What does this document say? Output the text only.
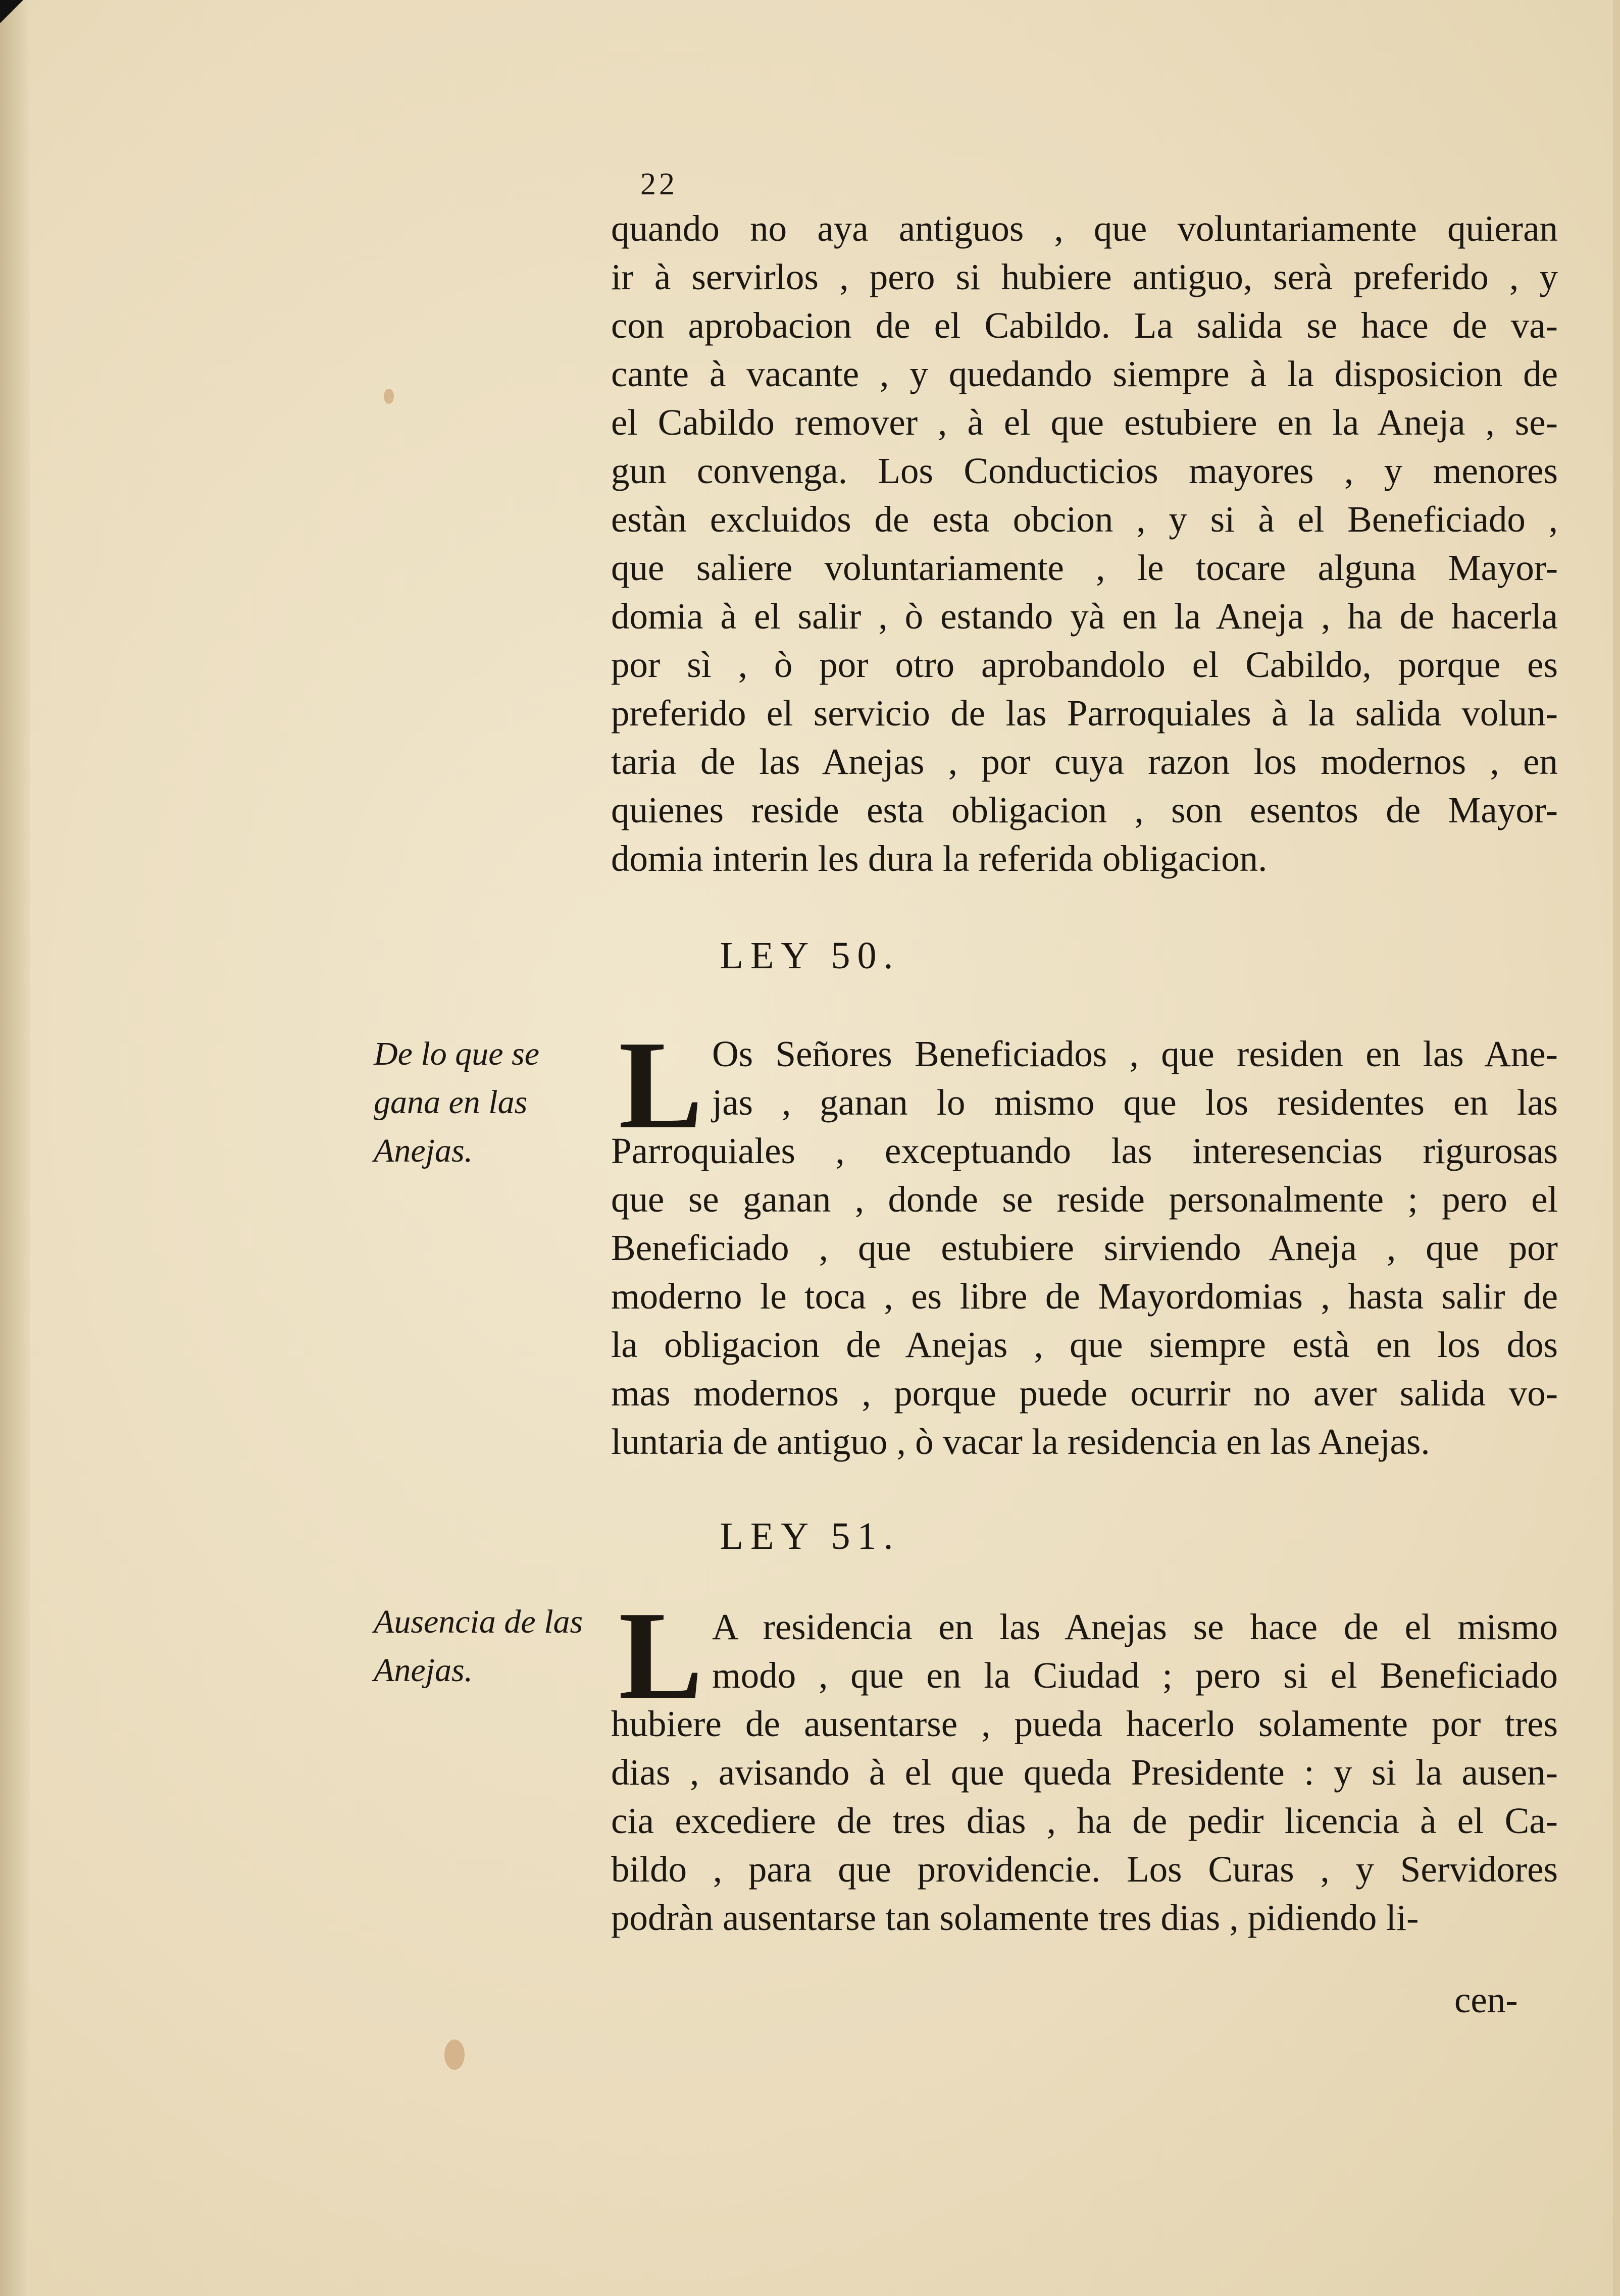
22
quando no aya antiguos , que voluntariamente quieran
ir à servirlos , pero si hubiere antiguo, serà preferido , y
con aprobacion de el Cabildo. La salida se hace de va-
cante à vacante , y quedando siempre à la disposicion de
el Cabildo remover , à el que estubiere en la Aneja , se-
gun convenga. Los Conducticios mayores , y menores
estàn excluidos de esta obcion , y si à el Beneficiado ,
que saliere voluntariamente , le tocare alguna Mayor-
domia à el salir , ò estando yà en la Aneja , ha de hacerla
por sì , ò por otro aprobandolo el Cabildo, porque es
preferido el servicio de las Parroquiales à la salida volun-
taria de las Anejas , por cuya razon los modernos , en
quienes reside esta obligacion , son esentos de Mayor-
domia interin les dura la referida obligacion.
LEY 50.
De lo que se gana en las Anejas.	L Os Señores Beneficiados , que residen en las Ane-
jas , ganan lo mismo que los residentes en las
Parroquiales , exceptuando las interesencias rigurosas
que se ganan , donde se reside personalmente ; pero el
Beneficiado , que estubiere sirviendo Aneja , que por
moderno le toca , es libre de Mayordomias , hasta salir de
la obligacion de Anejas , que siempre està en los dos
mas modernos , porque puede ocurrir no aver salida vo-
luntaria de antiguo , ò vacar la residencia en las Anejas.
LEY 51.
Ausencia de las Anejas.	L A residencia en las Anejas se hace de el mismo
modo , que en la Ciudad ; pero si el Beneficiado
hubiere de ausentarse , pueda hacerlo solamente por tres
dias , avisando à el que queda Presidente : y si la ausen-
cia excediere de tres dias , ha de pedir licencia à el Ca-
bildo , para que providencie. Los Curas , y Servidores
podràn ausentarse tan solamente tres dias , pidiendo li-
cen-
